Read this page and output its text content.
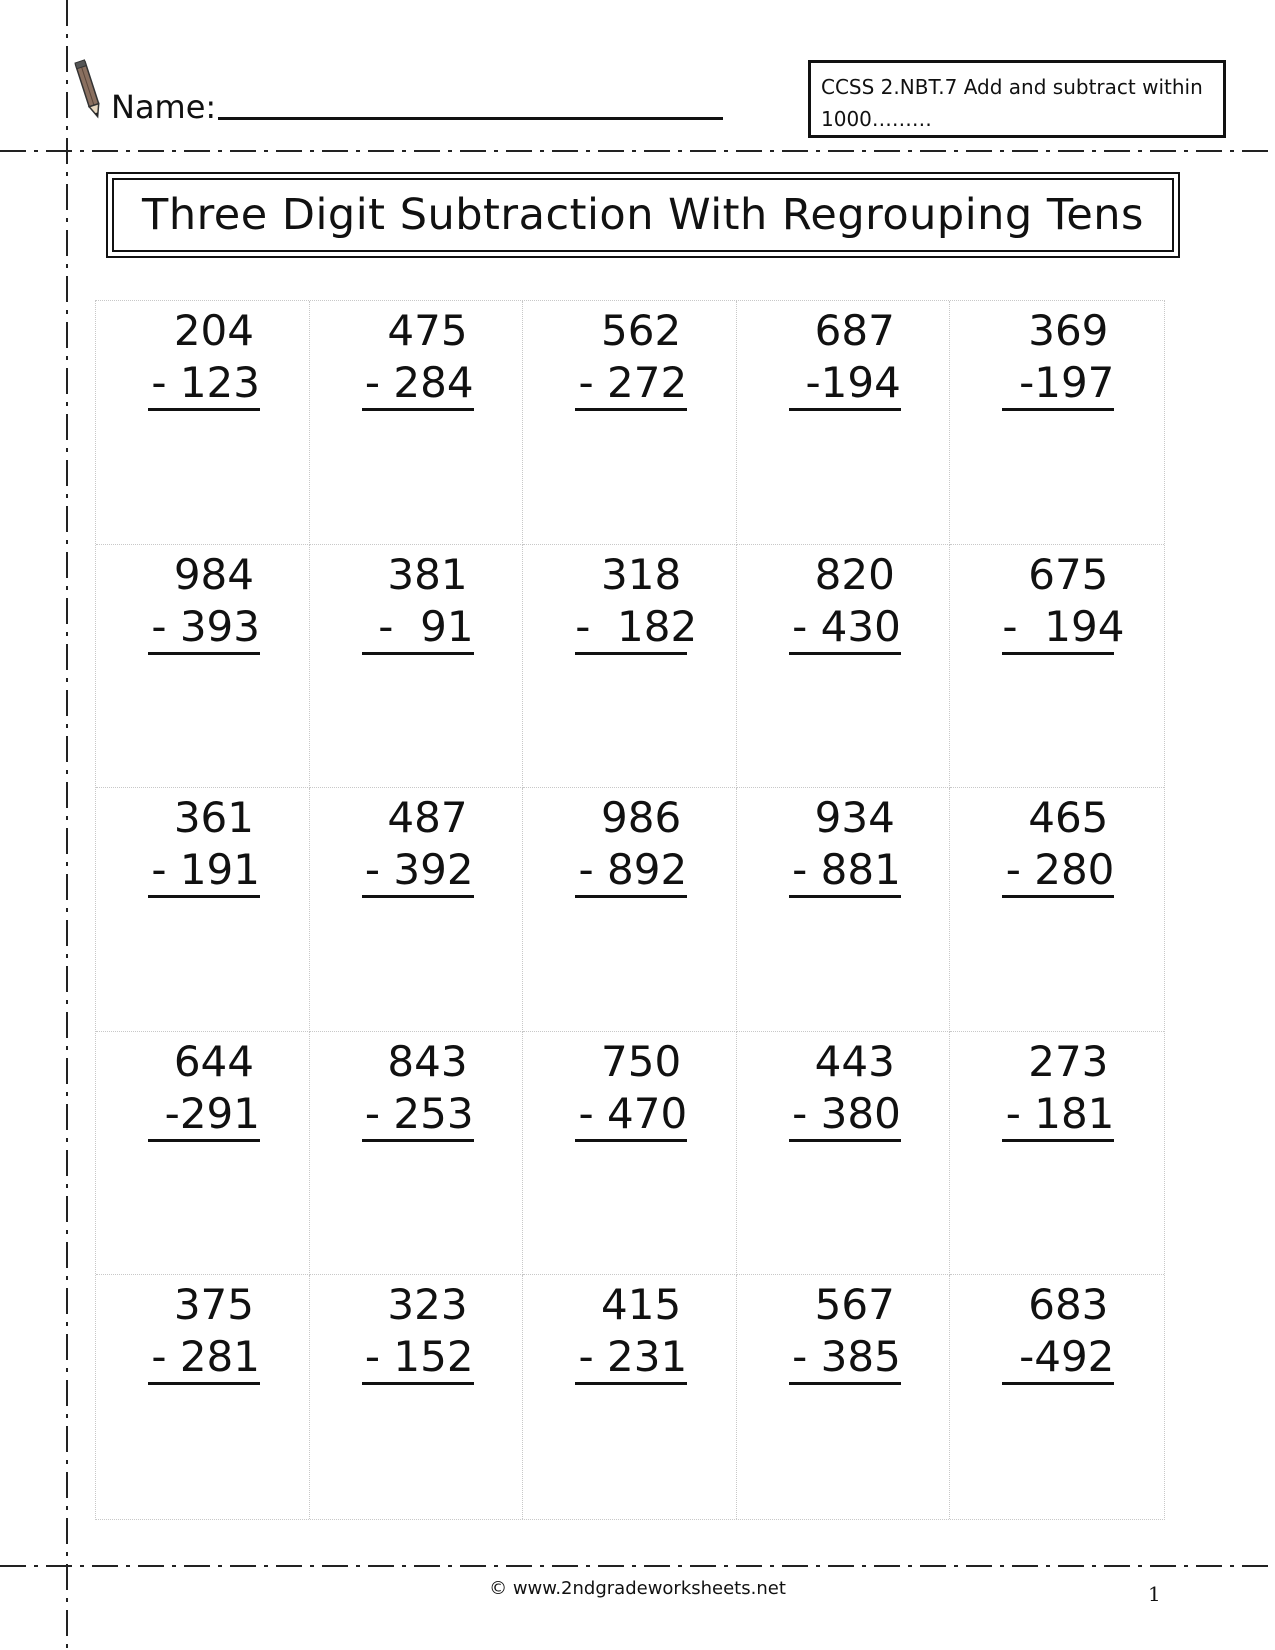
Name:
CCSS 2.NBT.7 Add and subtract within 1000………
Three Digit Subtraction With Regrouping Tens
204
- 123
475
- 284
562
- 272
687
-194
369
-197
984
- 393
381
-  91
318
-  182
820
- 430
675
-  194
361
- 191
487
- 392
986
- 892
934
- 881
465
- 280
644
-291
843
- 253
750
- 470
443
- 380
273
- 181
375
- 281
323
- 152
415
- 231
567
- 385
683
-492
© www.2ndgradeworksheets.net	1
